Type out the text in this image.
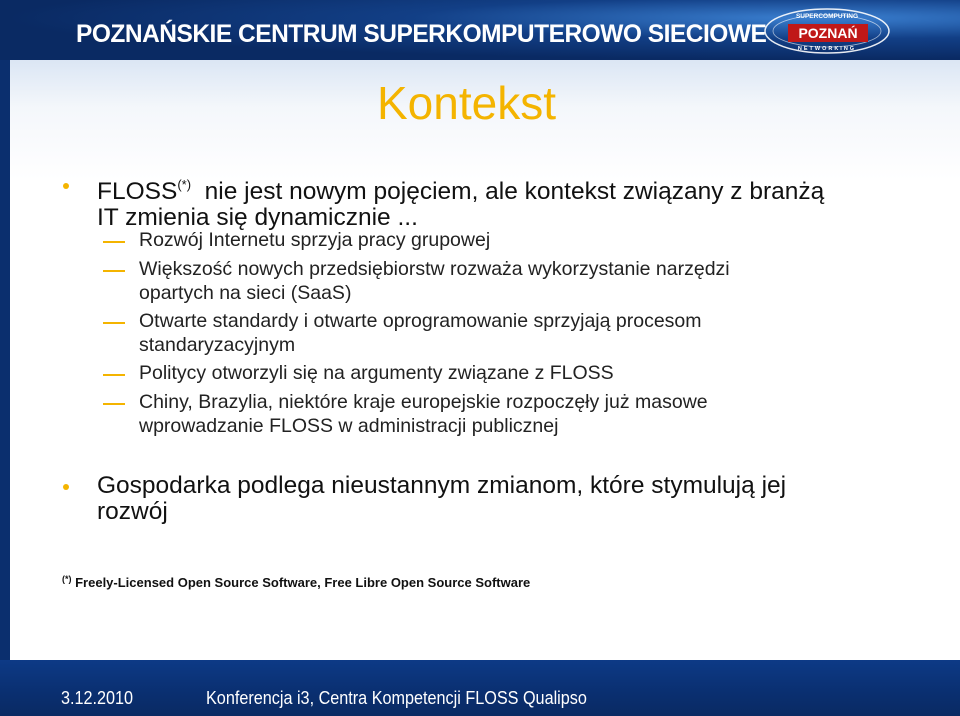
POZNAŃSKIE CENTRUM SUPERKOMPUTEROWO SIECIOWE
SUPERCOMPUTING
POZNAŃ
NETWORKING
Kontekst
FLOSS(*)  nie jest nowym pojęciem, ale kontekst związany z branżą
IT zmienia się dynamicznie ...
Rozwój Internetu sprzyja pracy grupowej
Większość nowych przedsiębiorstw rozważa wykorzystanie narzędzi
opartych na sieci (SaaS)
Otwarte standardy i otwarte oprogramowanie sprzyjają procesom
standaryzacyjnym
Politycy otworzyli się na argumenty związane z FLOSS
Chiny, Brazylia, niektóre kraje europejskie rozpoczęły już masowe
wprowadzanie FLOSS w administracji publicznej
Gospodarka podlega nieustannym zmianom, które stymulują jej
rozwój
(*) Freely-Licensed Open Source Software, Free Libre Open Source Software
3.12.2010	Konferencja i3, Centra Kompetencji FLOSS Qualipso
